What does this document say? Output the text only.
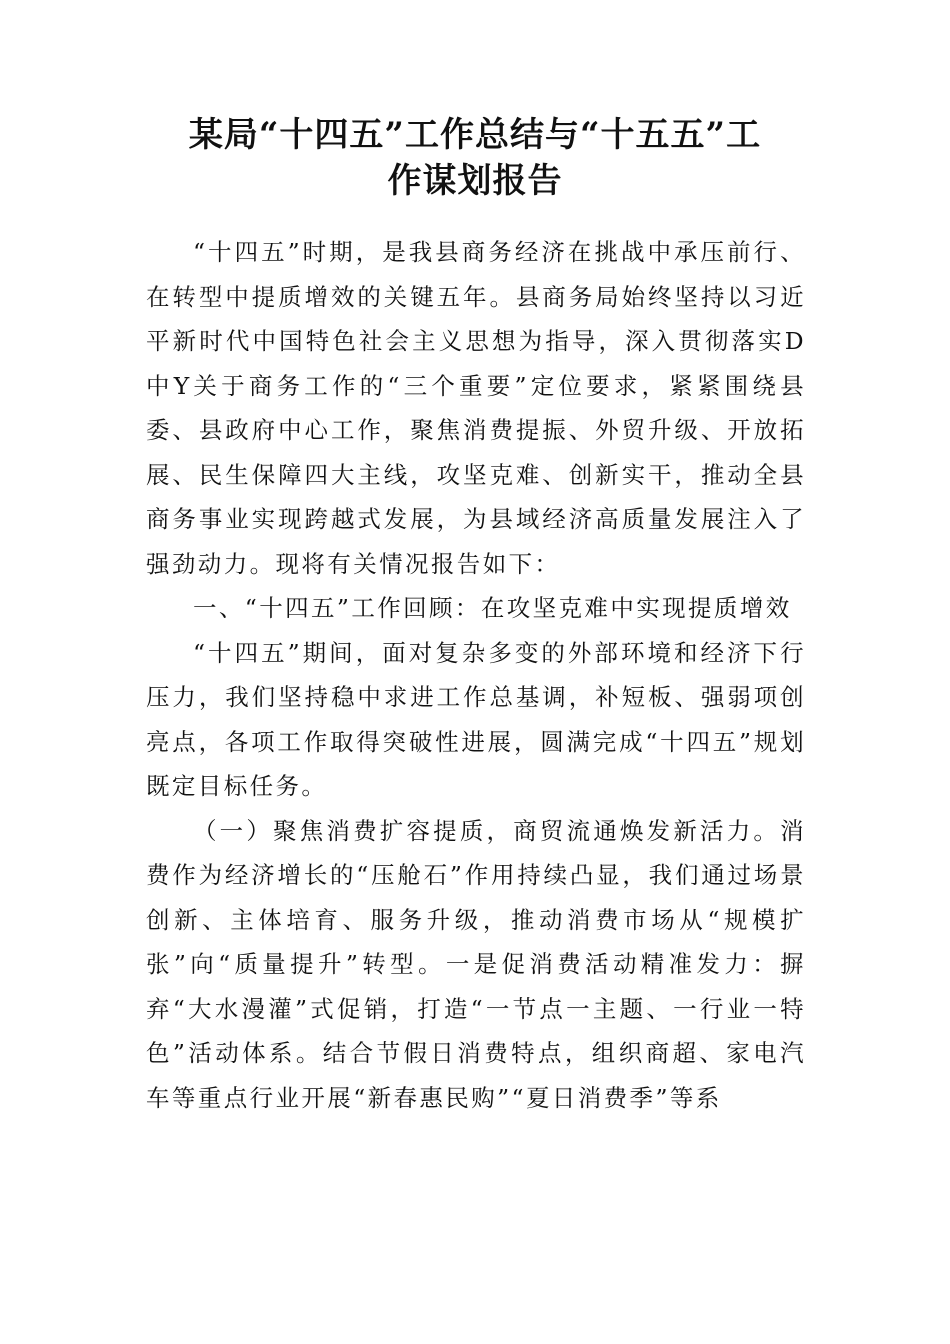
某局“十四五”工作总结与“十五五”工
作谋划报告

“十四五”时期，是我县商务经济在挑战中承压前行、在转型中提质增效的关键五年。县商务局始终坚持以习近平新时代中国特色社会主义思想为指导，深入贯彻落实D中Y关于商务工作的“三个重要”定位要求，紧紧围绕县委、县政府中心工作，聚焦消费提振、外贸升级、开放拓展、民生保障四大主线，攻坚克难、创新实干，推动全县商务事业实现跨越式发展，为县域经济高质量发展注入了强劲动力。现将有关情况报告如下：

一、“十四五”工作回顾：在攻坚克难中实现提质增效

“十四五”期间，面对复杂多变的外部环境和经济下行压力，我们坚持稳中求进工作总基调，补短板、强弱项创亮点，各项工作取得突破性进展，圆满完成“十四五”规划既定目标任务。

（一）聚焦消费扩容提质，商贸流通焕发新活力。消费作为经济增长的“压舱石”作用持续凸显，我们通过场景创新、主体培育、服务升级，推动消费市场从“规模扩张”向“质量提升”转型。一是促消费活动精准发力：摒弃“大水漫灌”式促销，打造“一节点一主题、一行业一特色”活动体系。结合节假日消费特点，组织商超、家电汽车等重点行业开展“新春惠民购”“夏日消费季”等系
